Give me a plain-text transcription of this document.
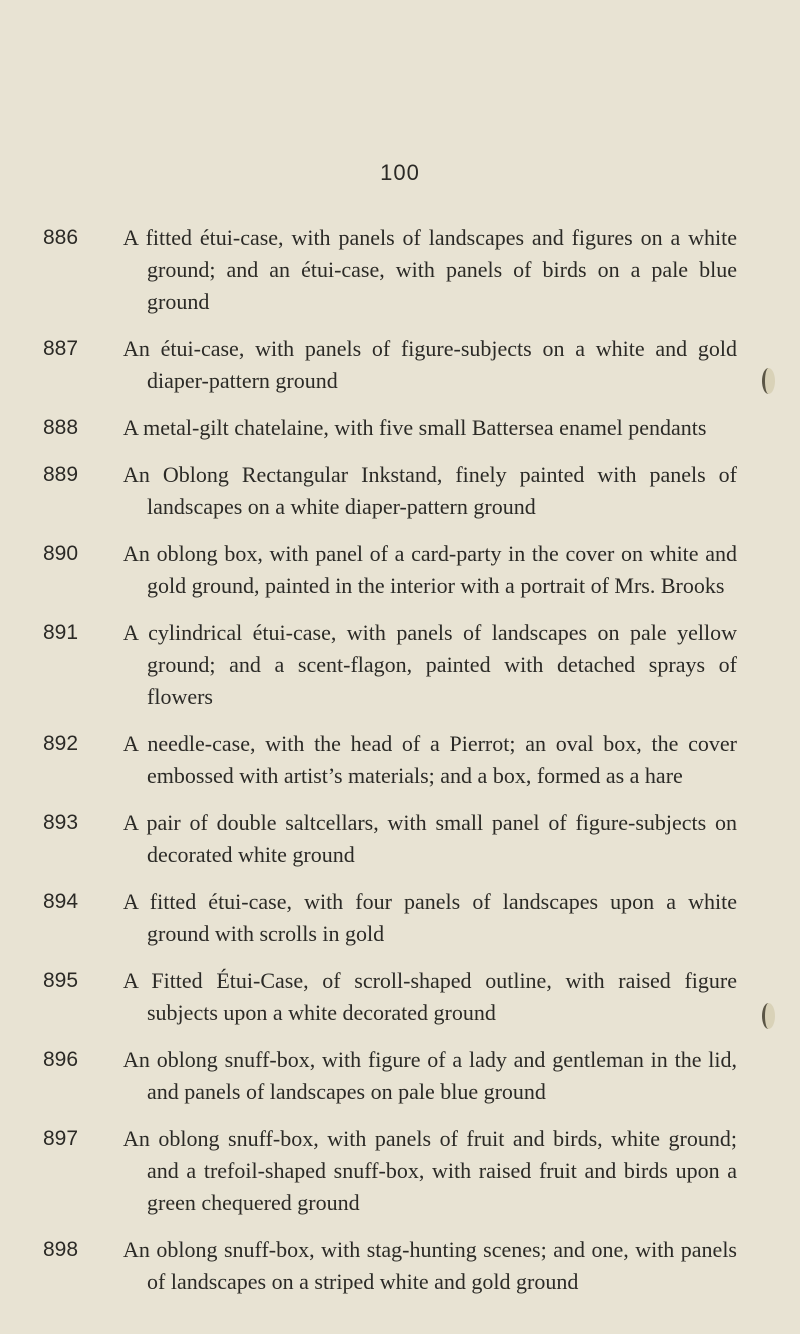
100
886	A fitted étui-case, with panels of landscapes and figures on a white ground; and an étui-case, with panels of birds on a pale blue ground
887	An étui-case, with panels of figure-subjects on a white and gold diaper-pattern ground
888	A metal-gilt chatelaine, with five small Battersea enamel pendants
889	An Oblong Rectangular Inkstand, finely painted with panels of landscapes on a white diaper-pattern ground
890	An oblong box, with panel of a card-party in the cover on white and gold ground, painted in the interior with a portrait of Mrs. Brooks
891	A cylindrical étui-case, with panels of landscapes on pale yellow ground; and a scent-flagon, painted with detached sprays of flowers
892	A needle-case, with the head of a Pierrot; an oval box, the cover embossed with artist’s materials; and a box, formed as a hare
893	A pair of double saltcellars, with small panel of figure-subjects on decorated white ground
894	A fitted étui-case, with four panels of landscapes upon a white ground with scrolls in gold
895	A Fitted Étui-Case, of scroll-shaped outline, with raised figure subjects upon a white decorated ground
896	An oblong snuff-box, with figure of a lady and gentleman in the lid, and panels of landscapes on pale blue ground
897	An oblong snuff-box, with panels of fruit and birds, white ground; and a trefoil-shaped snuff-box, with raised fruit and birds upon a green chequered ground
898	An oblong snuff-box, with stag-hunting scenes; and one, with panels of landscapes on a striped white and gold ground
